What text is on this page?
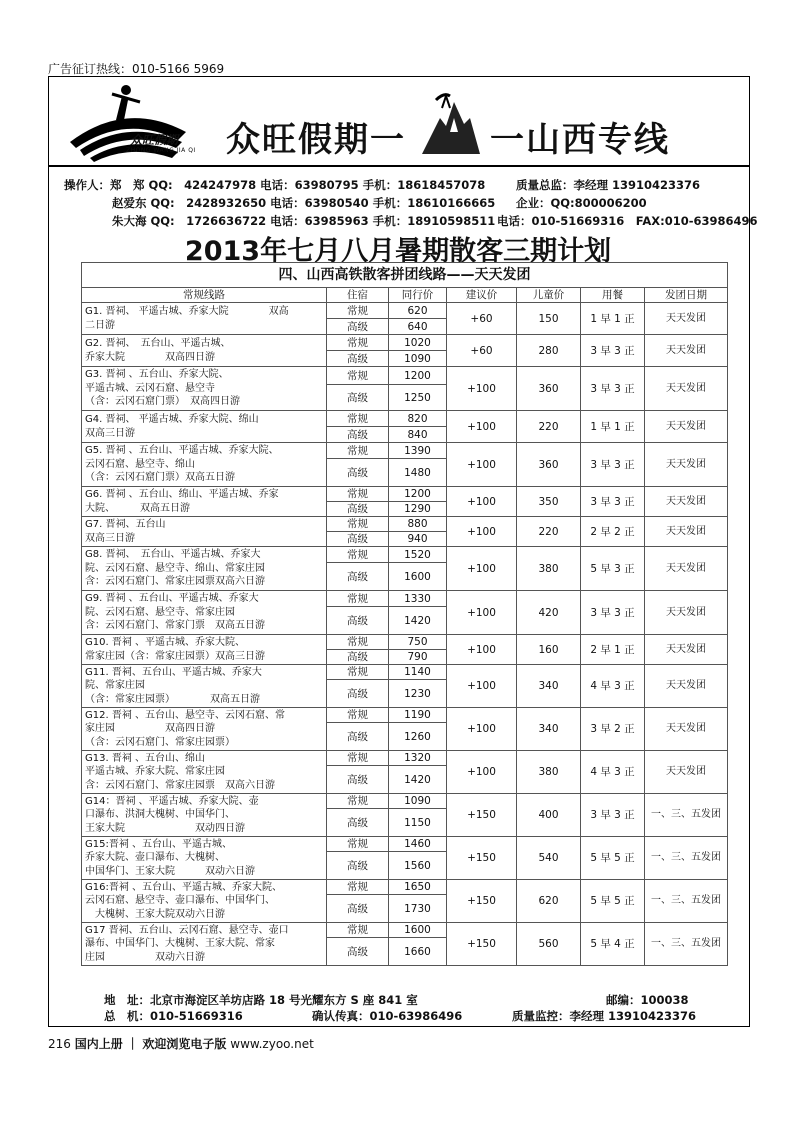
广告征订热线：010-5166 5969
众旺假期
ZHONG WANG JIA QI 众旺假期一 一山西专线
操作人：郑　郑 QQ:　424247978 电话：63980795 手机：18618457078	质量总监：李经理 13910423376
赵爱东 QQ:　2428932650 电话：63980540 手机：18610166665 企业：QQ:800006200
朱大海 QQ:　1726636722 电话：63985963 手机：18910598511 电话：010-51669316　FAX:010-63986496
2013年七月八月暑期散客三期计划
四、山西高铁散客拼团线路——天天发团						
常规线路	住宿	同行价	建议价	儿童价	用餐	发团日期

G1. 晋祠、 平遥古城、乔家大院　　　　双高
二日游	常规	620	+60	150	1 早 1 正	天天发团
	高级	640				

G2. 晋祠、　五台山、平遥古城、
乔家大院　　　　双高四日游	常规	1020	+60	280	3 早 3 正	天天发团
	高级	1090				

G3. 晋祠 、五台山、乔家大院、
平遥古城、云冈石窟、悬空寺
（含：云冈石窟门票）　双高四日游	常规	1200	+100	360	3 早 3 正	天天发团
	高级	1250				

G4. 晋祠、 平遥古城、乔家大院、绵山
双高三日游	常规	820	+100	220	1 早 1 正	天天发团
	高级	840				

G5. 晋祠 、五台山、平遥古城、乔家大院、
云冈石窟、悬空寺、绵山
（含：云冈石窟门票）双高五日游	常规	1390	+100	360	3 早 3 正	天天发团
	高级	1480				

G6. 晋祠 、五台山、绵山、平遥古城、乔家
大院、　　　双高五日游	常规	1200	+100	350	3 早 3 正	天天发团
	高级	1290				

G7. 晋祠、五台山
双高三日游	常规	880	+100	220	2 早 2 正	天天发团
	高级	940				

G8. 晋祠、　五台山、平遥古城、乔家大
院、云冈石窟、悬空寺、绵山、常家庄园
含：云冈石窟门、常家庄园票双高六日游	常规	1520	+100	380	5 早 3 正	天天发团
	高级	1600				

G9. 晋祠 、五台山、平遥古城、乔家大
院、云冈石窟、悬空寺、常家庄园
含：云冈石窟门、常家门票　双高五日游	常规	1330	+100	420	3 早 3 正	天天发团
	高级	1420				

G10. 晋祠 、平遥古城、乔家大院、
常家庄园（含：常家庄园票）双高三日游	常规	750	+100	160	2 早 1 正	天天发团
	高级	790				

G11. 晋祠、五台山、平遥古城、乔家大
院、常家庄园
（含：常家庄园票）　　　　双高五日游	常规	1140	+100	340	4 早 3 正	天天发团
	高级	1230				

G12. 晋祠 、五台山、悬空寺、云冈石窟、常
家庄园　　　　　双高四日游
（含：云冈石窟门、常家庄园票）	常规	1190	+100	340	3 早 2 正	天天发团
	高级	1260				

G13. 晋祠 、五台山、绵山
平遥古城、乔家大院、常家庄园
含：云冈石窟门、常家庄园票　双高六日游	常规	1320	+100	380	4 早 3 正	天天发团
	高级	1420				

G14：晋祠 、平遥古城、乔家大院、壶
口瀑布、洪洞大槐树、中国华门、
王家大院　　　　　　　双动四日游	常规	1090	+150	400	3 早 3 正	一、三、五发团
	高级	1150				

G15:晋祠 、五台山、平遥古城、
乔家大院、壶口瀑布、大槐树、
中国华门、王家大院　　　双动六日游	常规	1460	+150	540	5 早 5 正	一、三、五发团
	高级	1560				

G16:晋祠 、五台山、平遥古城、乔家大院、
云冈石窟、悬空寺、壶口瀑布、中国华门、
　大槐树、王家大院双动六日游	常规	1650	+150	620	5 早 5 正	一、三、五发团
	高级	1730				

G17 晋祠、五台山、云冈石窟、悬空寺、壶口
瀑布、中国华门、大槐树、王家大院、常家
庄园　　　　　双动六日游	常规	1600	+150	560	5 早 4 正	一、三、五发团
	高级	1660				
地　址：北京市海淀区羊坊店路 18 号光耀东方 S 座 841 室	邮编：100038
总　机：010-51669316	确认传真：010-63986496	质量监控：李经理 13910423376
216 国内上册 ｜ 欢迎浏览电子版 www.zyoo.net
